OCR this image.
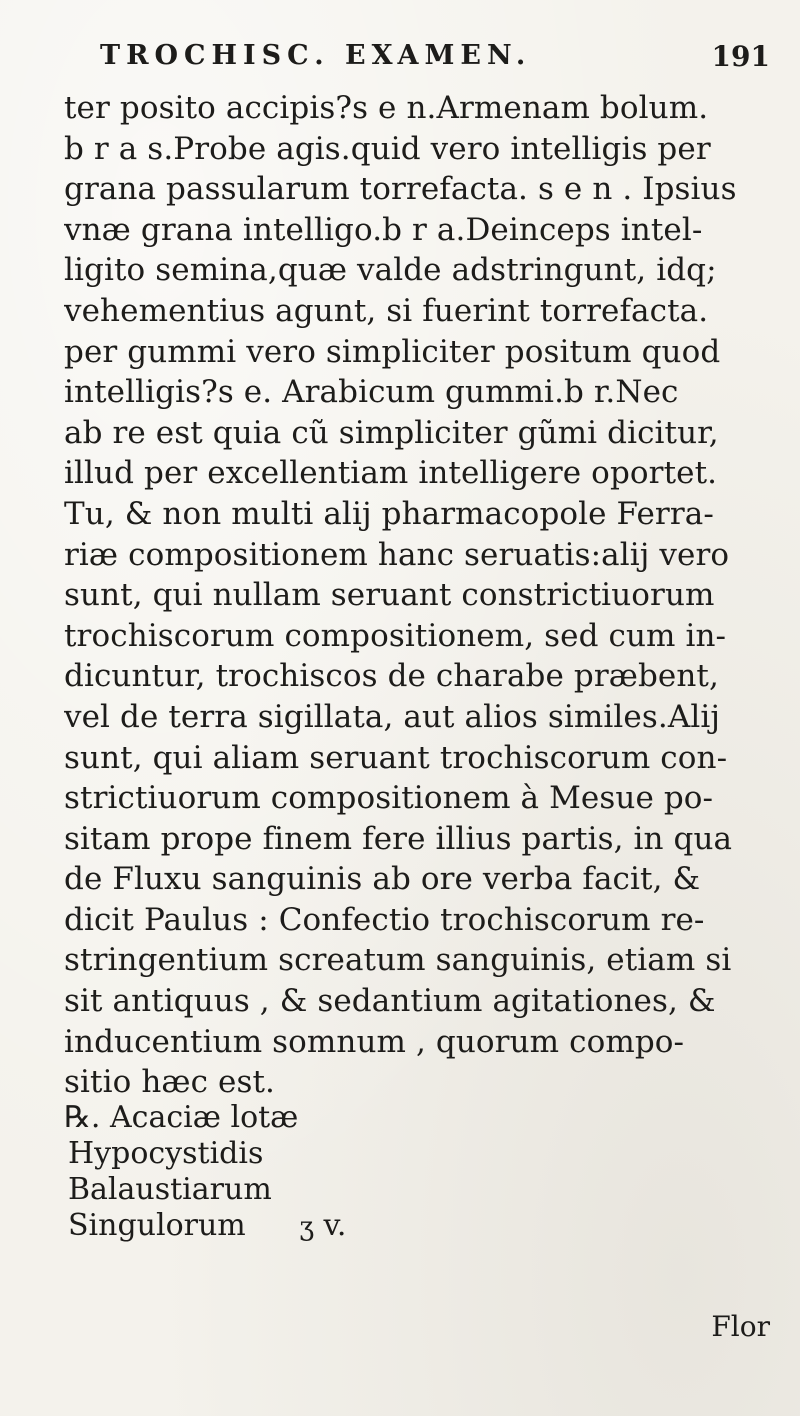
TROCHISC. EXAMEN.	191
ter posito accipis?s e n.Armenam bolum.
b r a s.Probe agis.quid vero intelligis per
grana passularum torrefacta. s e n . Ipsius
vnæ grana intelligo.b r a.Deinceps intel-
ligito semina,quæ valde adstringunt, idq;
vehementius agunt, si fuerint torrefacta.
per gummi vero simpliciter positum quod
intelligis?s e. Arabicum gummi.b r.Nec
ab re est quia cũ simpliciter gũmi dicitur,
illud per excellentiam intelligere oportet.
Tu, & non multi alij pharmacopole Ferra-
riæ compositionem hanc seruatis:alij vero
sunt, qui nullam seruant constrictiuorum
trochiscorum compositionem, sed cum in-
dicuntur, trochiscos de charabe præbent,
vel de terra sigillata, aut alios similes.Alij
sunt, qui aliam seruant trochiscorum con-
strictiuorum compositionem à Mesue po-
sitam prope finem fere illius partis, in qua
de Fluxu sanguinis ab ore verba facit, &
dicit Paulus : Confectio trochiscorum re-
stringentium screatum sanguinis, etiam si
sit antiquus , & sedantium agitationes, &
inducentium somnum , quorum compo-
sitio hæc est.
℞. Acaciæ lotæ
Hypocystidis
Balaustiarum
Singulorum ʒ v.
Flor
